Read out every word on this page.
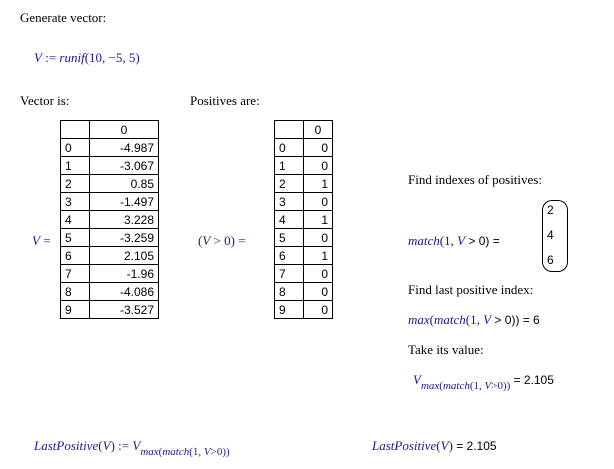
Generate vector:
V := runif(10, −5, 5)
Vector is:	Positives are:
V =
	0
0	-4.987
1	-3.067
2	0.85
3	-1.497
4	3.228
5	-3.259
6	2.105
7	-1.96
8	-4.086
9	-3.527
(V > 0) =
	0
0	0
1	0
2	1
3	0
4	1
5	0
6	1
7	0
8	0
9	0
Find indexes of positives:
match(1, V > 0) =
2
4
6
Find last positive index:
max(match(1, V > 0)) = 6
Take its value:
$V_{max(match(1, V>0))} = 2.105$
LastPositive(V) := $V_{max(match(1, V>0))}$	LastPositive(V) = 2.105
